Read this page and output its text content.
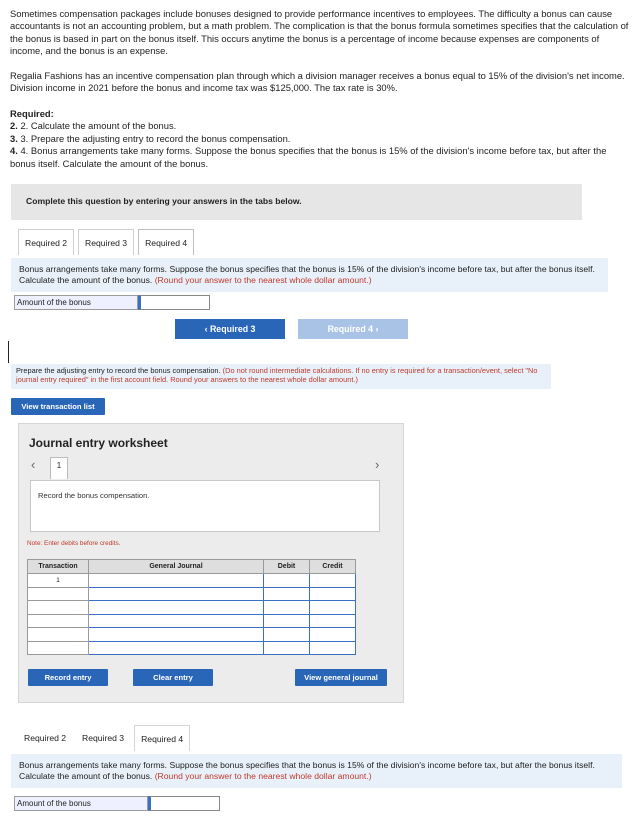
Sometimes compensation packages include bonuses designed to provide performance incentives to employees. The difficulty a bonus can cause accountants is not an accounting problem, but a math problem. The complication is that the bonus formula sometimes specifies that the calculation of the bonus is based in part on the bonus itself. This occurs anytime the bonus is a percentage of income because expenses are components of income, and the bonus is an expense.
Regalia Fashions has an incentive compensation plan through which a division manager receives a bonus equal to 15% of the division's net income. Division income in 2021 before the bonus and income tax was $125,000. The tax rate is 30%.
Required:
2. 2. Calculate the amount of the bonus.
3. 3. Prepare the adjusting entry to record the bonus compensation.
4. 4. Bonus arrangements take many forms. Suppose the bonus specifies that the bonus is 15% of the division's income before tax, but after the bonus itself. Calculate the amount of the bonus.
Complete this question by entering your answers in the tabs below.
Required 2	Required 3	Required 4
Bonus arrangements take many forms. Suppose the bonus specifies that the bonus is 15% of the division's income before tax, but after the bonus itself. Calculate the amount of the bonus. (Round your answer to the nearest whole dollar amount.)
Amount of the bonus
‹ Required 3	Required 4 ›
Prepare the adjusting entry to record the bonus compensation. (Do not round intermediate calculations. If no entry is required for a transaction/event, select "No journal entry required" in the first account field. Round your answers to the nearest whole dollar amount.)
View transaction list
Journal entry worksheet
‹	1	›
Record the bonus compensation.
Note: Enter debits before credits.
Transaction	General Journal	Debit	Credit
1			

Record entry	Clear entry	View general journal
Required 2	Required 3	Required 4
Bonus arrangements take many forms. Suppose the bonus specifies that the bonus is 15% of the division's income before tax, but after the bonus itself. Calculate the amount of the bonus. (Round your answer to the nearest whole dollar amount.)
Amount of the bonus
